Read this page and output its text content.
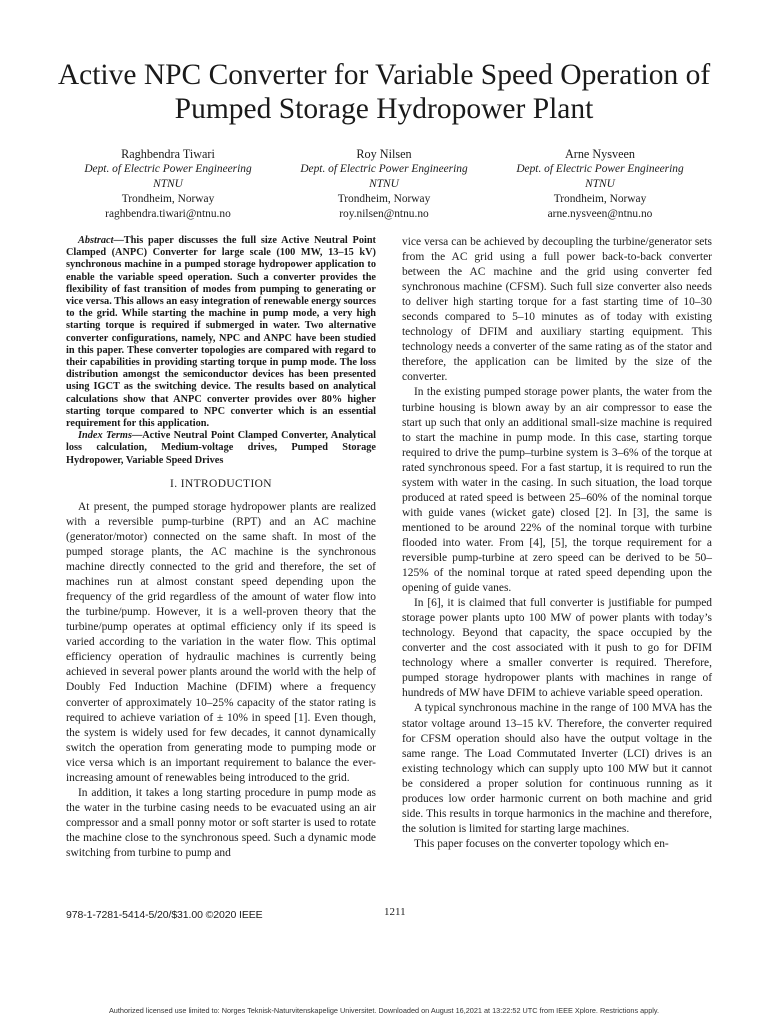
Active NPC Converter for Variable Speed Operation of Pumped Storage Hydropower Plant
Raghbendra Tiwari
Dept. of Electric Power Engineering
NTNU
Trondheim, Norway
raghbendra.tiwari@ntnu.no
Roy Nilsen
Dept. of Electric Power Engineering
NTNU
Trondheim, Norway
roy.nilsen@ntnu.no
Arne Nysveen
Dept. of Electric Power Engineering
NTNU
Trondheim, Norway
arne.nysveen@ntnu.no

Abstract—This paper discusses the full size Active Neutral Point Clamped (ANPC) Converter for large scale (100 MW, 13–15 kV) synchronous machine in a pumped storage hydropower application to enable the variable speed operation. Such a converter provides the flexibility of fast transition of modes from pumping to generating or vice versa. This allows an easy integration of renewable energy sources to the grid. While starting the machine in pump mode, a very high starting torque is required if submerged in water. Two alternative converter configurations, namely, NPC and ANPC have been studied in this paper. These converter topologies are compared with regard to their capabilities in providing starting torque in pump mode. The loss distribution amongst the semiconductor devices has been presented using IGCT as the switching device. The results based on analytical calculations show that ANPC converter provides over 80% higher starting torque compared to NPC converter which is an essential requirement for this application.

Index Terms—Active Neutral Point Clamped Converter, Analytical loss calculation, Medium-voltage drives, Pumped Storage Hydropower, Variable Speed Drives

I. INTRODUCTION

At present, the pumped storage hydropower plants are realized with a reversible pump-turbine (RPT) and an AC machine (generator/motor) connected on the same shaft. In most of the pumped storage plants, the AC machine is the synchronous machine directly connected to the grid and therefore, the set of machines run at almost constant speed depending upon the frequency of the grid regardless of the amount of water flow into the turbine/pump. However, it is a well-proven theory that the turbine/pump operates at optimal efficiency only if its speed is varied according to the variation in the water flow. This optimal efficiency operation of hydraulic machines is currently being achieved in several power plants around the world with the help of Doubly Fed Induction Machine (DFIM) where a frequency converter of approximately 10–25% capacity of the stator rating is required to achieve variation of ± 10% in speed [1]. Even though, the system is widely used for few decades, it cannot dynamically switch the operation from generating mode to pumping mode or vice versa which is an important requirement to balance the ever-increasing amount of renewables being introduced to the grid.

In addition, it takes a long starting procedure in pump mode as the water in the turbine casing needs to be evacuated using an air compressor and a small ponny motor or soft starter is used to rotate the machine close to the synchronous speed. Such a dynamic mode switching from turbine to pump and

vice versa can be achieved by decoupling the turbine/generator sets from the AC grid using a full power back-to-back converter between the AC machine and the grid using converter fed synchronous machine (CFSM). Such full size converter also needs to deliver high starting torque for a fast starting time of 10–30 seconds compared to 5–10 minutes as of today with existing technology of DFIM and auxiliary starting equipment. This technology needs a converter of the same rating as of the stator and therefore, the application can be limited by the size of the converter.

In the existing pumped storage power plants, the water from the turbine housing is blown away by an air compressor to ease the start up such that only an additional small-size machine is required to start the machine in pump mode. In this case, starting torque required to drive the pump–turbine system is 3–6% of the torque at rated synchronous speed. For a fast startup, it is required to run the system with water in the casing. In such situation, the load torque produced at rated speed is between 25–60% of the nominal torque with guide vanes (wicket gate) closed [2]. In [3], the same is mentioned to be around 22% of the nominal torque with turbine flooded into water. From [4], [5], the torque requirement for a reversible pump-turbine at zero speed can be derived to be 50–125% of the nominal torque at rated speed depending upon the opening of guide vanes.

In [6], it is claimed that full converter is justifiable for pumped storage power plants upto 100 MW of power plants with today’s technology. Beyond that capacity, the space occupied by the converter and the cost associated with it push to go for DFIM technology where a smaller converter is required. Therefore, pumped storage hydropower plants with machines in range of hundreds of MW have DFIM to achieve variable speed operation.

A typical synchronous machine in the range of 100 MVA has the stator voltage around 13–15 kV. Therefore, the converter required for CFSM operation should also have the output voltage in the same range. The Load Commutated Inverter (LCI) drives is an existing technology which can supply upto 100 MW but it cannot be considered a proper solution for continuous running as it produces low order harmonic current on both machine and grid side. This results in torque harmonics in the machine and therefore, the solution is limited for starting large machines.

This paper focuses on the converter topology which en-

978-1-7281-5414-5/20/$31.00 ©2020 IEEE	1211
Authorized licensed use limited to: Norges Teknisk-Naturvitenskapelige Universitet. Downloaded on August 16,2021 at 13:22:52 UTC from IEEE Xplore. Restrictions apply.
